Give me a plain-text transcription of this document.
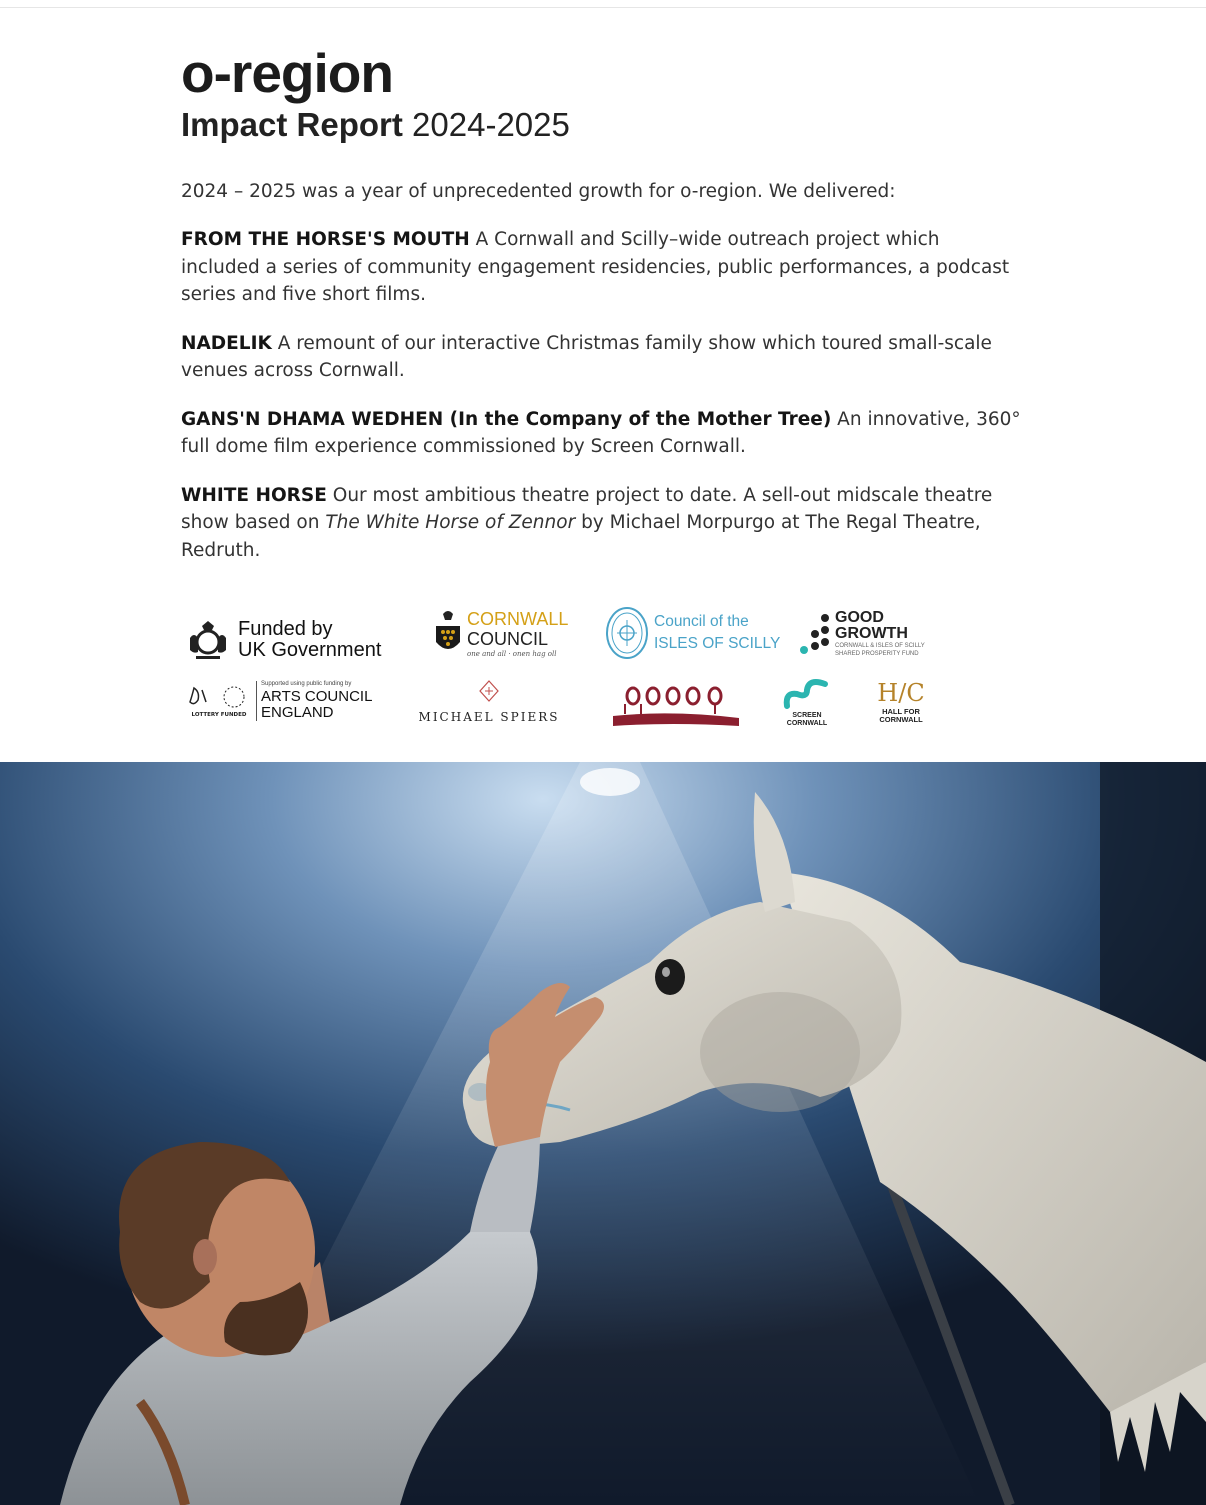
o-region
Impact Report 2024-2025

2024 – 2025 was a year of unprecedented growth for o-region. We delivered:

FROM THE HORSE'S MOUTH A Cornwall and Scilly–wide outreach project which included a series of community engagement residencies, public performances, a podcast series and five short films.

NADELIK A remount of our interactive Christmas family show which toured small-scale venues across Cornwall.

GANS'N DHAMA WEDHEN (In the Company of the Mother Tree) An innovative, 360° full dome film experience commissioned by Screen Cornwall.

WHITE HORSE Our most ambitious theatre project to date. A sell-out midscale theatre show based on The White Horse of Zennor by Michael Morpurgo at The Regal Theatre, Redruth.

Funded by
UK Government
CORNWALL
COUNCIL
one and all · onen hag oll
Council of the
ISLES OF SCILLY
GOOD
GROWTH
CORNWALL & ISLES OF SCILLY
SHARED PROSPERITY FUND
LOTTERY FUNDED
Supported using public funding by
ARTS COUNCIL
ENGLAND	MICHAEL SPIERS	SCREEN
CORNWALL
H/C
HALL FOR
CORNWALL
